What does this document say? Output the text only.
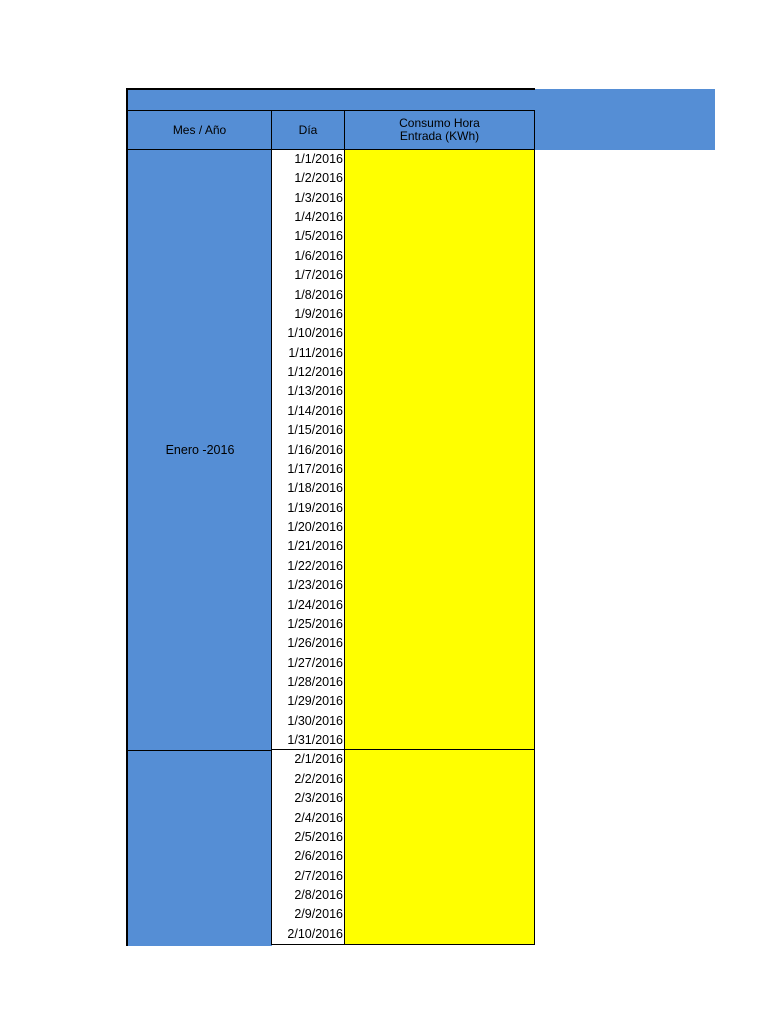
Mes / Año	Día	Consumo Hora Entrada (KWh)
Enero -2016
1/1/2016
1/2/2016
1/3/2016
1/4/2016
1/5/2016
1/6/2016
1/7/2016
1/8/2016
1/9/2016
1/10/2016
1/11/2016
1/12/2016
1/13/2016
1/14/2016
1/15/2016
1/16/2016
1/17/2016
1/18/2016
1/19/2016
1/20/2016
1/21/2016
1/22/2016
1/23/2016
1/24/2016
1/25/2016
1/26/2016
1/27/2016
1/28/2016
1/29/2016
1/30/2016
1/31/2016
2/1/2016
2/2/2016
2/3/2016
2/4/2016
2/5/2016
2/6/2016
2/7/2016
2/8/2016
2/9/2016
2/10/2016
